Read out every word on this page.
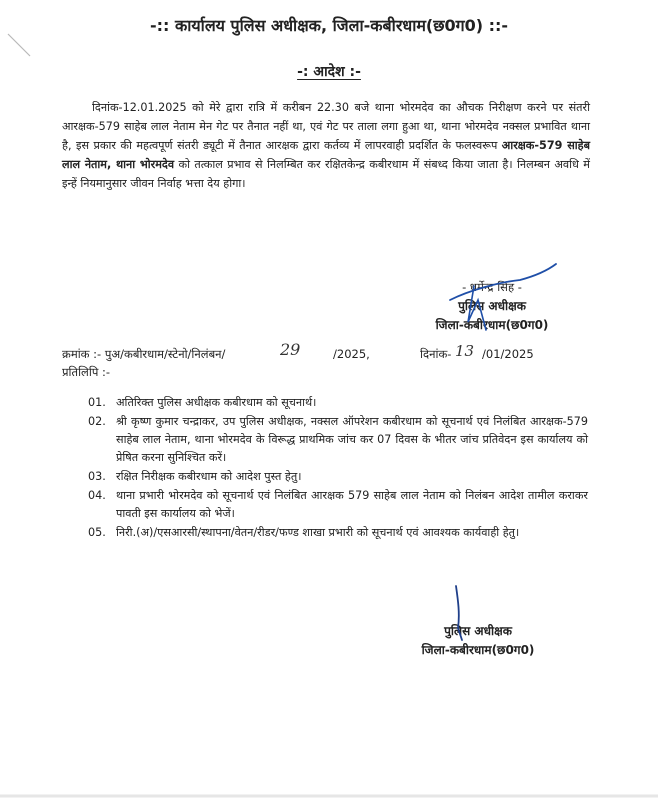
-:: कार्यालय पुलिस अधीक्षक, जिला-कबीरधाम(छ0ग0) ::-
-: आदेश :-
दिनांक-12.01.2025 को मेरे द्वारा रात्रि में करीबन 22.30 बजे थाना भोरमदेव का औचक निरीक्षण करने पर संतरी आरक्षक-579 साहेब लाल नेताम मेन गेट पर तैनात नहीं था, एवं गेट पर ताला लगा हुआ था, थाना भोरमदेव नक्सल प्रभावित थाना है, इस प्रकार की महत्वपूर्ण संतरी ड्यूटी में तैनात आरक्षक द्वारा कर्तव्य में लापरवाही प्रदर्शित के फलस्वरूप आरक्षक-579 साहेब लाल नेताम, थाना भोरमदेव को तत्काल प्रभाव से निलम्बित कर रक्षितकेन्द्र कबीरधाम में संबध्द किया जाता है। निलम्बन अवधि में इन्हें नियमानुसार जीवन निर्वाह भत्ता देय होगा।
- धर्मेन्द्र सिंह -
पुलिस अधीक्षक
जिला-कबीरधाम(छ0ग0)
क्रमांक :- पुअ/कबीरधाम/स्टेनो/निलंबन/	29	/2025,	दिनांक- 13 /01/2025
प्रतिलिपि :-
01. अतिरिक्त पुलिस अधीक्षक कबीरधाम को सूचनार्थ।
02. श्री कृष्ण कुमार चन्द्राकर, उप पुलिस अधीक्षक, नक्सल ऑपरेशन कबीरधाम को सूचनार्थ एवं निलंबित आरक्षक-579 साहेब लाल नेताम, थाना भोरमदेव के विरूद्ध प्राथमिक जांच कर 07 दिवस के भीतर जांच प्रतिवेदन इस कार्यालय को प्रेषित करना सुनिश्चित करें।
03. रक्षित निरीक्षक कबीरधाम को आदेश पुस्त हेतु।
04. थाना प्रभारी भोरमदेव को सूचनार्थ एवं निलंबित आरक्षक 579 साहेब लाल नेताम को निलंबन आदेश तामील कराकर पावती इस कार्यालय को भेजें।
05. निरी.(अ)/एसआरसी/स्थापना/वेतन/रीडर/फण्ड शाखा प्रभारी को सूचनार्थ एवं आवश्यक कार्यवाही हेतु।
पुलिस अधीक्षक
जिला-कबीरधाम(छ0ग0)
